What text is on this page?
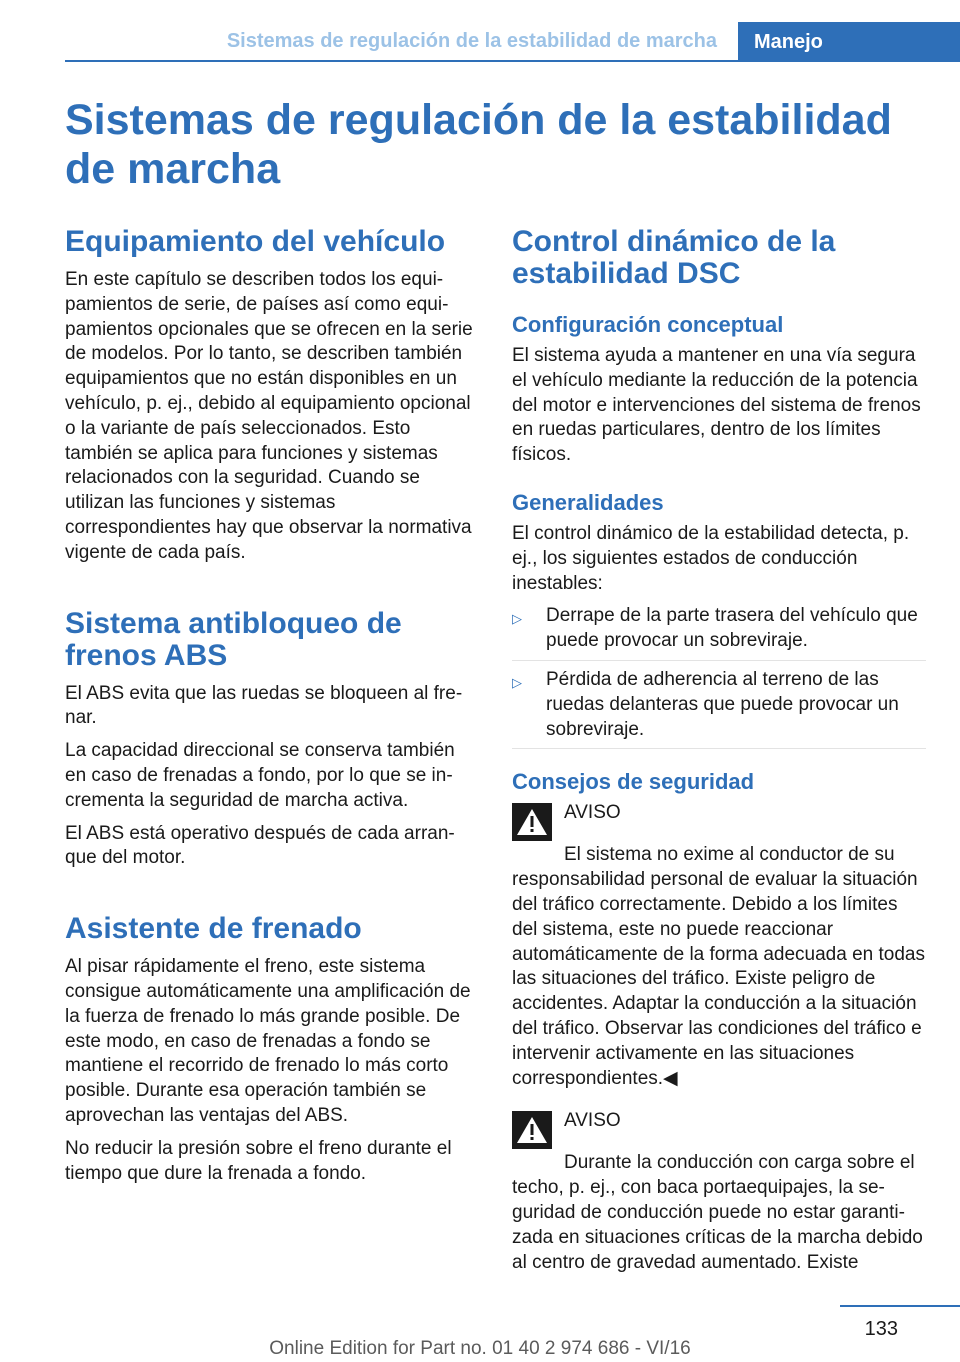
Sistemas de regulación de la estabilidad de marcha	Manejo
Sistemas de regulación de la estabilidad de marcha
Equipamiento del vehículo

En este capítulo se describen todos los equipamientos de serie, de países así como equipamientos opcionales que se ofrecen en la serie de modelos. Por lo tanto, se describen también equipamientos que no están disponibles en un vehículo, p. ej., debido al equipamiento opcional o la variante de país seleccionados. Esto también se aplica para funciones y sistemas relacionados con la seguridad. Cuando se utilizan las funciones y sistemas correspondientes hay que observar la normativa vigente de cada país.

Sistema antibloqueo de frenos ABS

El ABS evita que las ruedas se bloqueen al frenar.

La capacidad direccional se conserva también en caso de frenadas a fondo, por lo que se incrementa la seguridad de marcha activa.

El ABS está operativo después de cada arranque del motor.

Asistente de frenado

Al pisar rápidamente el freno, este sistema consigue automáticamente una amplificación de la fuerza de frenado lo más grande posible. De este modo, en caso de frenadas a fondo se mantiene el recorrido de frenado lo más corto posible. Durante esa operación también se aprovechan las ventajas del ABS.

No reducir la presión sobre el freno durante el tiempo que dure la frenada a fondo.

Control dinámico de la estabilidad DSC
Configuración conceptual

El sistema ayuda a mantener en una vía segura el vehículo mediante la reducción de la potencia del motor e intervenciones del sistema de frenos en ruedas particulares, dentro de los límites físicos.

Generalidades

El control dinámico de la estabilidad detecta, p. ej., los siguientes estados de conducción inestables:

▷ Derrape de la parte trasera del vehículo que puede provocar un sobreviraje.
▷ Pérdida de adherencia al terreno de las ruedas delanteras que puede provocar un sobreviraje.
Consejos de seguridad

AVISO

El sistema no exime al conductor de su responsabilidad personal de evaluar la situación del tráfico correctamente. Debido a los límites del sistema, este no puede reaccionar automáticamente de la forma adecuada en todas las situaciones del tráfico. Existe peligro de accidentes. Adaptar la conducción a la situación del tráfico. Observar las condiciones del tráfico e intervenir activamente en las situaciones correspondientes.◀

AVISO

Durante la conducción con carga sobre el techo, p. ej., con baca portaequipajes, la seguridad de conducción puede no estar garantizada en situaciones críticas de la marcha debido al centro de gravedad aumentado. Existe

133
Online Edition for Part no. 01 40 2 974 686 - VI/16
